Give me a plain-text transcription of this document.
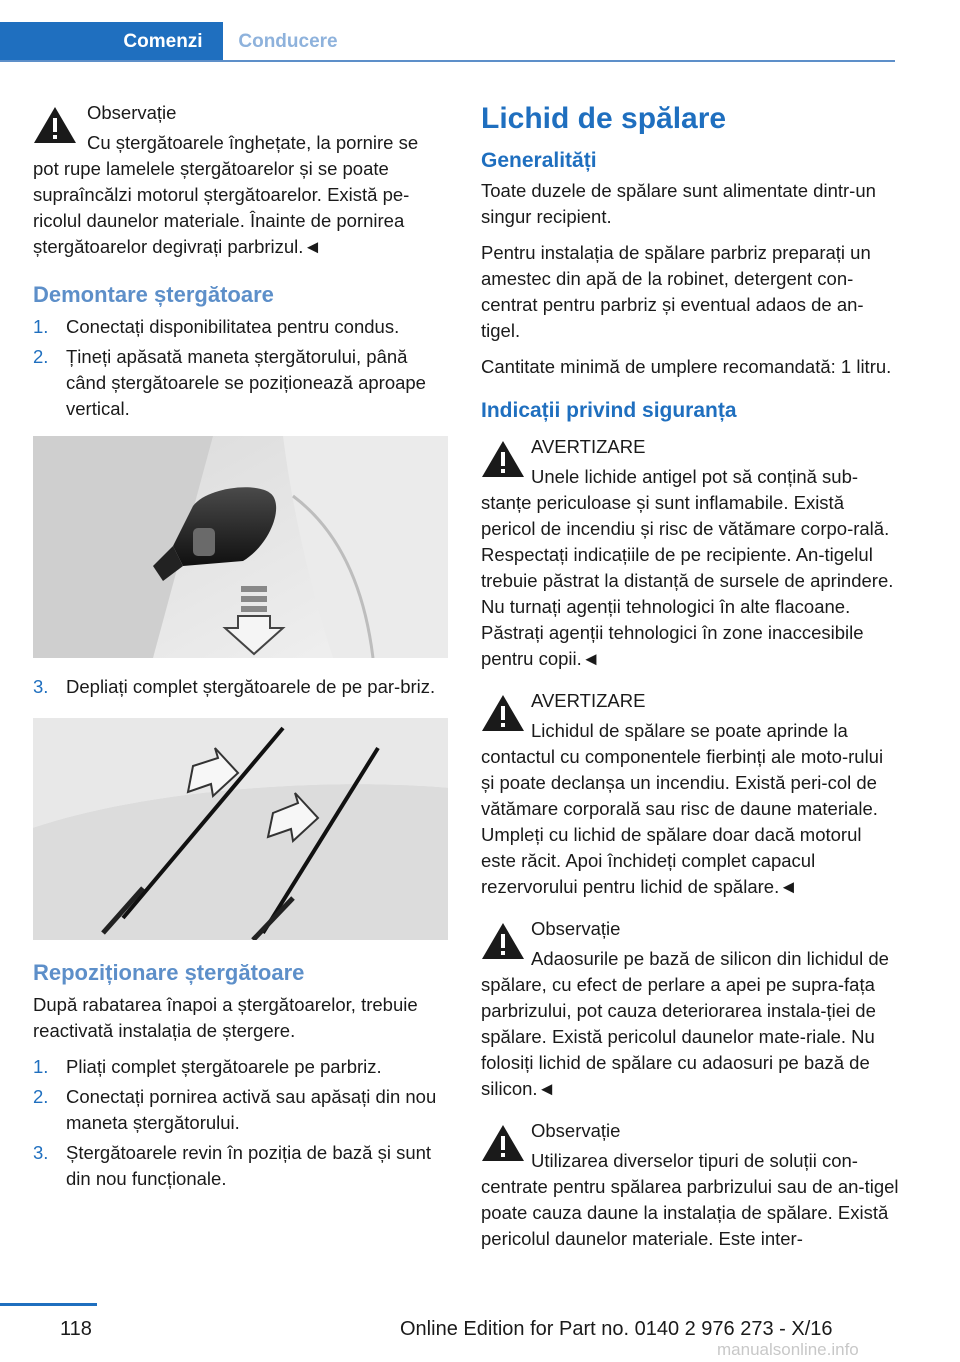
Comenzi	Conducere
Observație
Cu ștergătoarele înghețate, la pornire se pot rupe lamelele ștergătoarelor și se poate supraîncălzi motorul ștergătoarelor. Există pe-ricolul daunelor materiale. Înainte de pornirea ștergătoarelor degivrați parbrizul.◄
Demontare ștergătoare
1. Conectați disponibilitatea pentru condus.
2. Țineți apăsată maneta ștergătorului, până când ștergătoarele se poziționează aproape vertical.
3. Depliați complet ștergătoarele de pe par-briz.
Repoziționare ștergătoare

După rabatarea înapoi a ștergătoarelor, trebuie reactivată instalația de ștergere.

1. Pliați complet ștergătoarele pe parbriz.
2. Conectați pornirea activă sau apăsați din nou maneta ștergătorului.
3. Ștergătoarele revin în poziția de bază și sunt din nou funcționale.
Lichid de spălare
Generalități

Toate duzele de spălare sunt alimentate dintr-un singur recipient.

Pentru instalația de spălare parbriz preparați un amestec din apă de la robinet, detergent con-centrat pentru parbriz și eventual adaos de an-tigel.

Cantitate minimă de umplere recomandată: 1 litru.

Indicații privind siguranța
AVERTIZARE
Unele lichide antigel pot să conțină sub-stanțe periculoase și sunt inflamabile. Există pericol de incendiu și risc de vătămare corpo-rală. Respectați indicațiile de pe recipiente. An-tigelul trebuie păstrat la distanță de sursele de aprindere. Nu turnați agenții tehnologici în alte flacoane. Păstrați agenții tehnologici în zone inaccesibile pentru copii.◄
AVERTIZARE
Lichidul de spălare se poate aprinde la contactul cu componentele fierbinți ale moto-rului și poate declanșa un incendiu. Există peri-col de vătămare corporală sau risc de daune materiale. Umpleți cu lichid de spălare doar dacă motorul este răcit. Apoi închideți complet capacul rezervorului pentru lichid de spălare.◄
Observație
Adaosurile pe bază de silicon din lichidul de spălare, cu efect de perlare a apei pe supra-fața parbrizului, pot cauza deteriorarea instala-ției de spălare. Există pericolul daunelor mate-riale. Nu folosiți lichid de spălare cu adaosuri pe bază de silicon.◄
Observație
Utilizarea diverselor tipuri de soluții con-centrate pentru spălarea parbrizului sau de an-tigel poate cauza daune la instalația de spălare. Există pericolul daunelor materiale. Este inter-
118	Online Edition for Part no. 0140 2 976 273 - X/16
manualsonline.info
